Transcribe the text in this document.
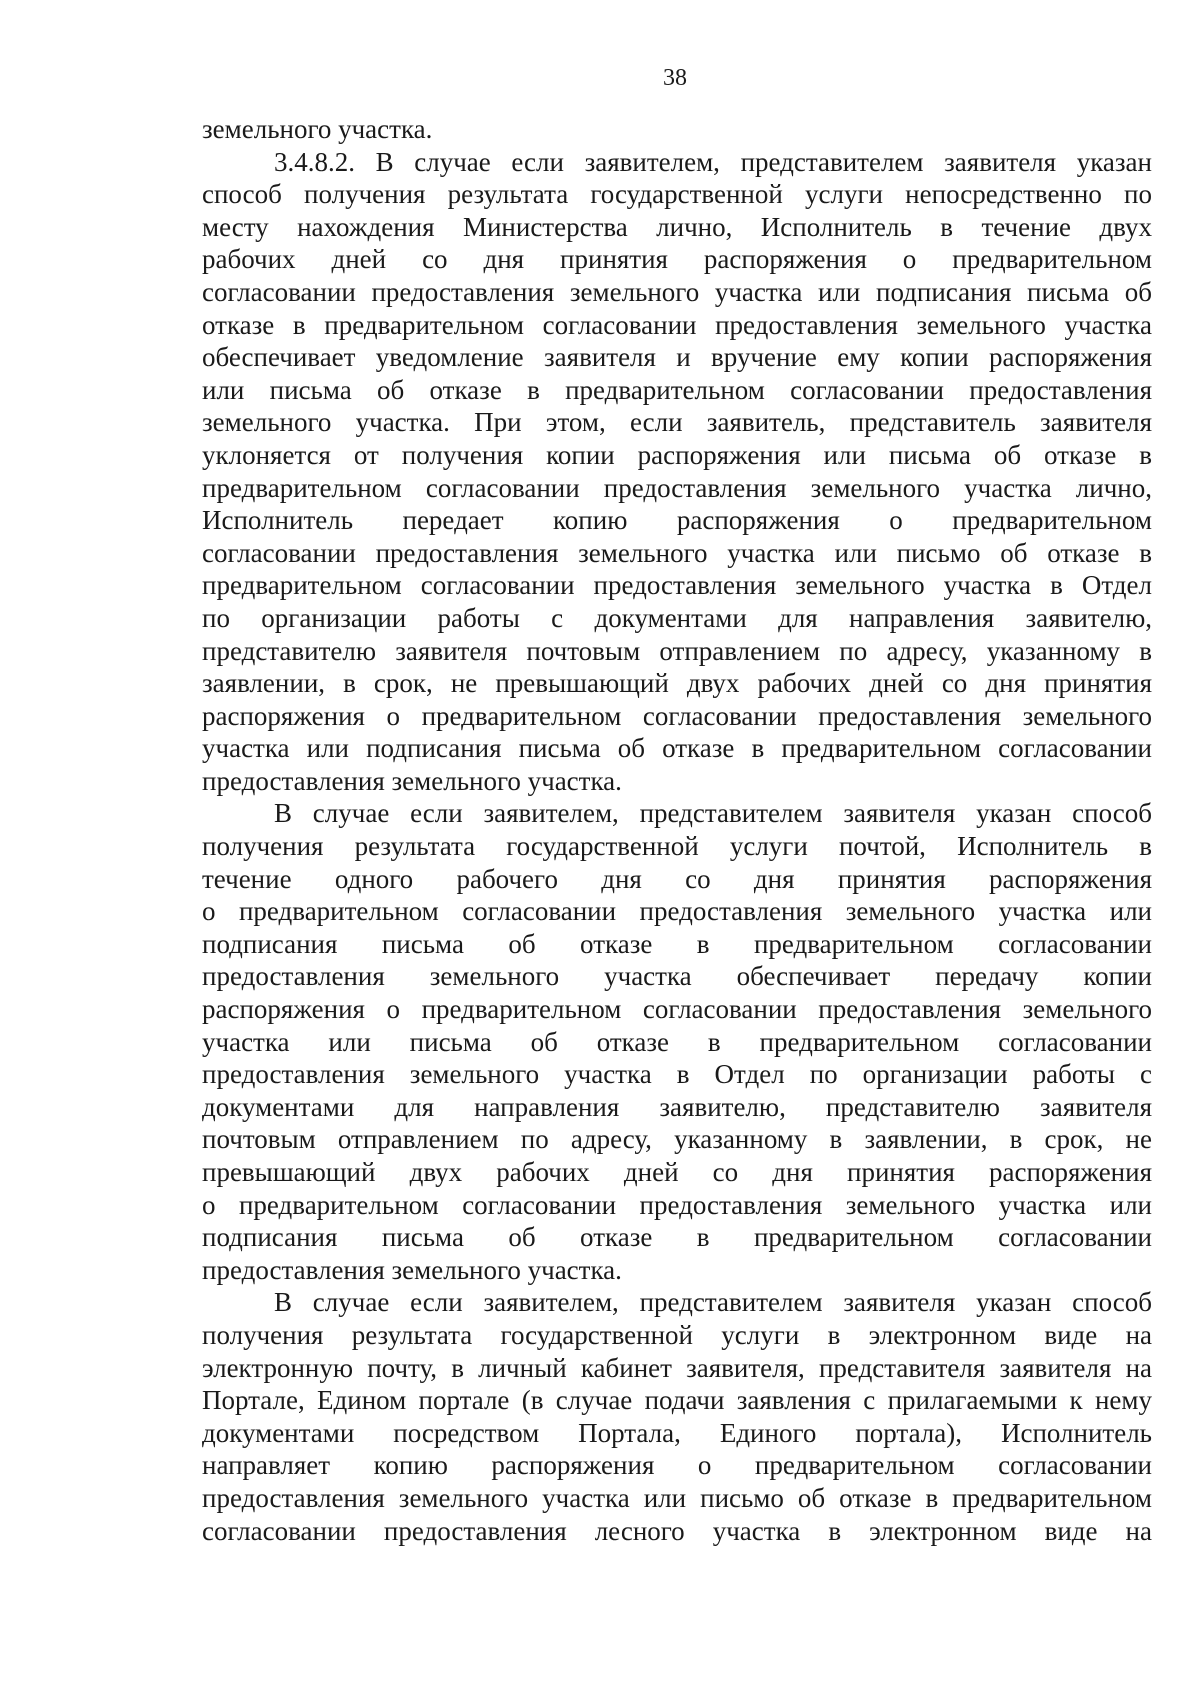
38
земельного участка.
3.4.8.2. В случае если заявителем, представителем заявителя указан
способ получения результата государственной услуги непосредственно по
месту нахождения Министерства лично, Исполнитель в течение двух
рабочих дней со дня принятия распоряжения о предварительном
согласовании предоставления земельного участка или подписания письма об
отказе в предварительном согласовании предоставления земельного участка
обеспечивает уведомление заявителя и вручение ему копии распоряжения
или письма об отказе в предварительном согласовании предоставления
земельного участка. При этом, если заявитель, представитель заявителя
уклоняется от получения копии распоряжения или письма об отказе в
предварительном согласовании предоставления земельного участка лично,
Исполнитель передает копию распоряжения о предварительном
согласовании предоставления земельного участка или письмо об отказе в
предварительном согласовании предоставления земельного участка в Отдел
по организации работы с документами для направления заявителю,
представителю заявителя почтовым отправлением по адресу, указанному в
заявлении, в срок, не превышающий двух рабочих дней со дня принятия
распоряжения о предварительном согласовании предоставления земельного
участка или подписания письма об отказе в предварительном согласовании
предоставления земельного участка.
В случае если заявителем, представителем заявителя указан способ
получения результата государственной услуги почтой, Исполнитель в
течение одного рабочего дня со дня принятия распоряжения
о предварительном согласовании предоставления земельного участка или
подписания письма об отказе в предварительном согласовании
предоставления земельного участка обеспечивает передачу копии
распоряжения о предварительном согласовании предоставления земельного
участка или письма об отказе в предварительном согласовании
предоставления земельного участка в Отдел по организации работы с
документами для направления заявителю, представителю заявителя
почтовым отправлением по адресу, указанному в заявлении, в срок, не
превышающий двух рабочих дней со дня принятия распоряжения
о предварительном согласовании предоставления земельного участка или
подписания письма об отказе в предварительном согласовании
предоставления земельного участка.
В случае если заявителем, представителем заявителя указан способ
получения результата государственной услуги в электронном виде на
электронную почту, в личный кабинет заявителя, представителя заявителя на
Портале, Едином портале (в случае подачи заявления с прилагаемыми к нему
документами посредством Портала, Единого портала), Исполнитель
направляет копию распоряжения о предварительном согласовании
предоставления земельного участка или письмо об отказе в предварительном
согласовании предоставления лесного участка в электронном виде на
